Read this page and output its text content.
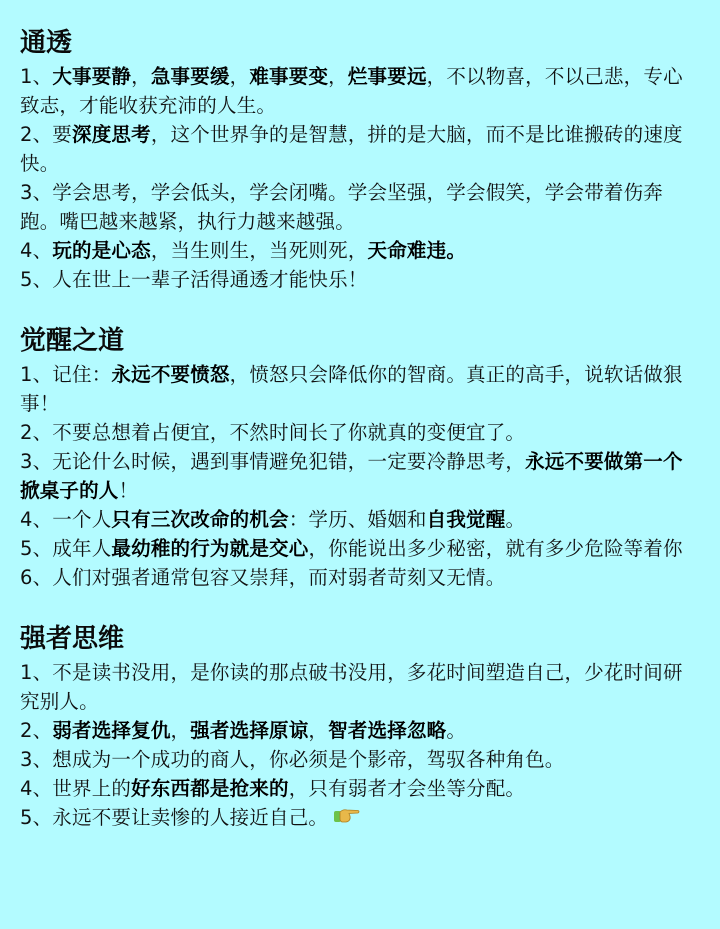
通透
1、大事要静，急事要缓，难事要变，烂事要远，不以物喜，不以己悲，专心致志，才能收获充沛的人生。
2、要深度思考，这个世界争的是智慧，拼的是大脑，而不是比谁搬砖的速度快。
3、学会思考，学会低头，学会闭嘴。学会坚强，学会假笑，学会带着伤奔跑。嘴巴越来越紧，执行力越来越强。
4、玩的是心态，当生则生，当死则死，天命难违。
5、人在世上一辈子活得通透才能快乐！
觉醒之道
1、记住：永远不要愤怒，愤怒只会降低你的智商。真正的高手，说软话做狠事！
2、不要总想着占便宜，不然时间长了你就真的变便宜了。
3、无论什么时候，遇到事情避免犯错，一定要冷静思考，永远不要做第一个掀桌子的人！
4、一个人只有三次改命的机会：学历、婚姻和自我觉醒。
5、成年人最幼稚的行为就是交心，你能说出多少秘密，就有多少危险等着你
6、人们对强者通常包容又崇拜，而对弱者苛刻又无情。
强者思维
1、不是读书没用，是你读的那点破书没用，多花时间塑造自己，少花时间研究别人。
2、弱者选择复仇，强者选择原谅，智者选择忽略。
3、想成为一个成功的商人，你必须是个影帝，驾驭各种角色。
4、世界上的好东西都是抢来的，只有弱者才会坐等分配。
5、永远不要让卖惨的人接近自己。
